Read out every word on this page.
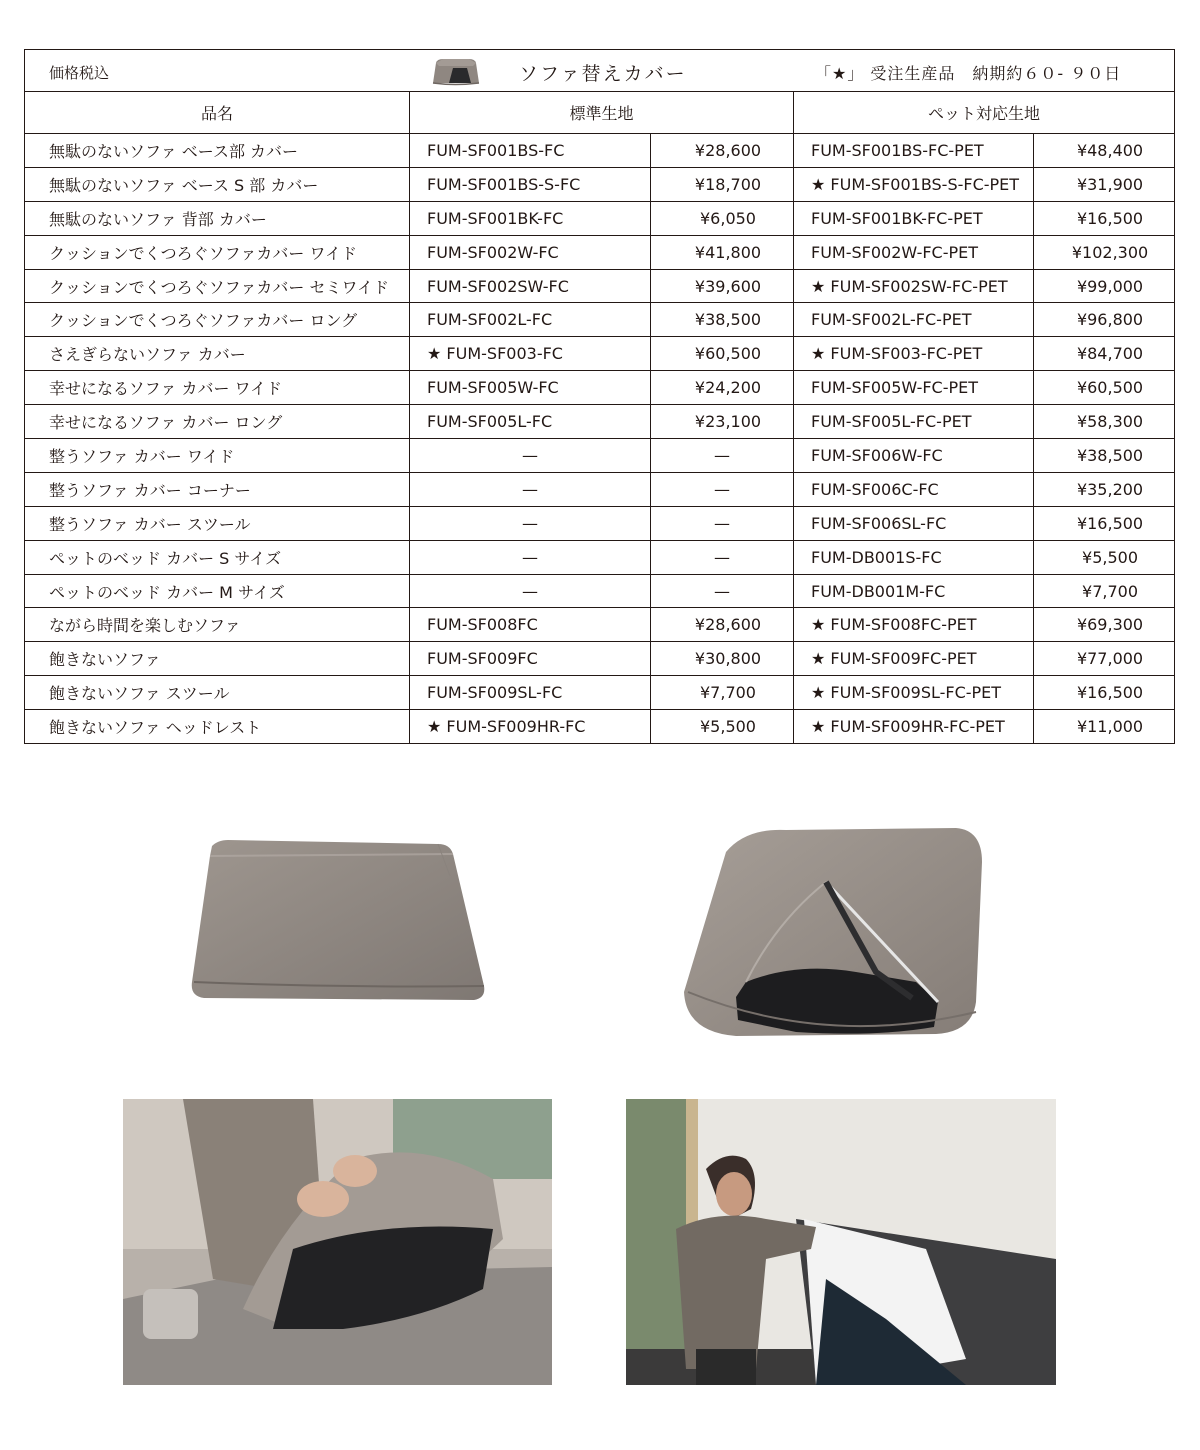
価格税込 ソファ替えカバー 「★」 受注生産品　納期約６０- ９０日				

品名	標準生地		ペット対応生地	
無駄のないソファ ベース部 カバー	FUM-SF001BS-FC	¥28,600	FUM-SF001BS-FC-PET	¥48,400
無駄のないソファ ベース S 部 カバー	FUM-SF001BS-S-FC	¥18,700	★ FUM-SF001BS-S-FC-PET	¥31,900
無駄のないソファ 背部 カバー	FUM-SF001BK-FC	¥6,050	FUM-SF001BK-FC-PET	¥16,500
クッションでくつろぐソファカバー ワイド	FUM-SF002W-FC	¥41,800	FUM-SF002W-FC-PET	¥102,300
クッションでくつろぐソファカバー セミワイド	FUM-SF002SW-FC	¥39,600	★ FUM-SF002SW-FC-PET	¥99,000
クッションでくつろぐソファカバー ロング	FUM-SF002L-FC	¥38,500	FUM-SF002L-FC-PET	¥96,800
さえぎらないソファ カバー	★ FUM-SF003-FC	¥60,500	★ FUM-SF003-FC-PET	¥84,700
幸せになるソファ カバー ワイド	FUM-SF005W-FC	¥24,200	FUM-SF005W-FC-PET	¥60,500
幸せになるソファ カバー ロング	FUM-SF005L-FC	¥23,100	FUM-SF005L-FC-PET	¥58,300
整うソファ カバー ワイド	—	—	FUM-SF006W-FC	¥38,500
整うソファ カバー コーナー	—	—	FUM-SF006C-FC	¥35,200
整うソファ カバー スツール	—	—	FUM-SF006SL-FC	¥16,500
ペットのベッド カバー S サイズ	—	—	FUM-DB001S-FC	¥5,500
ペットのベッド カバー M サイズ	—	—	FUM-DB001M-FC	¥7,700
ながら時間を楽しむソファ	FUM-SF008FC	¥28,600	★ FUM-SF008FC-PET	¥69,300
飽きないソファ	FUM-SF009FC	¥30,800	★ FUM-SF009FC-PET	¥77,000
飽きないソファ スツール	FUM-SF009SL-FC	¥7,700	★ FUM-SF009SL-FC-PET	¥16,500
飽きないソファ ヘッドレスト	★ FUM-SF009HR-FC	¥5,500	★ FUM-SF009HR-FC-PET	¥11,000
